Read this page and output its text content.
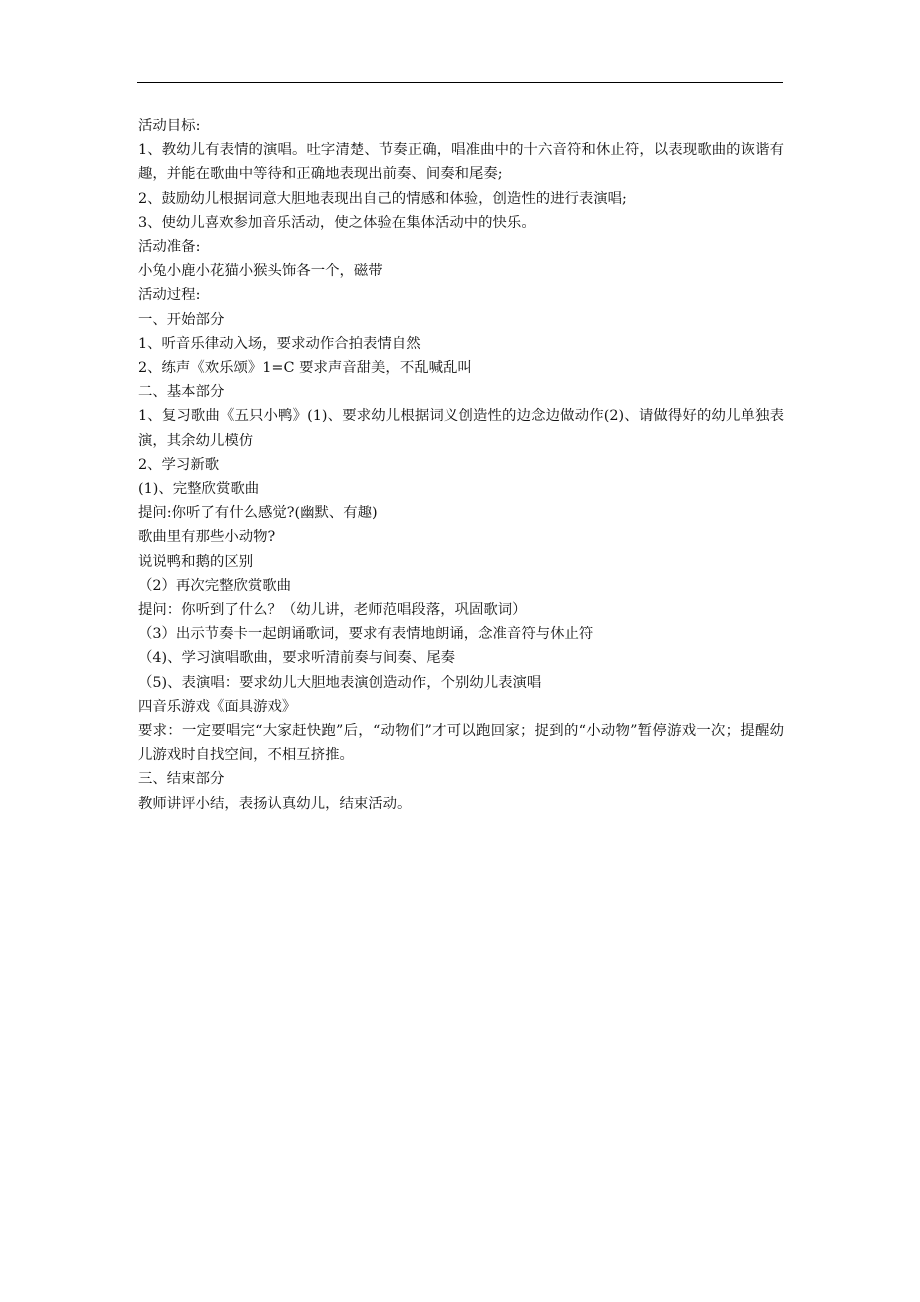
活动目标:
1、教幼儿有表情的演唱。吐字清楚、节奏正确，唱准曲中的十六音符和休止符，以表现歌曲的诙谐有趣，并能在歌曲中等待和正确地表现出前奏、间奏和尾奏;
2、鼓励幼儿根据词意大胆地表现出自己的情感和体验，创造性的进行表演唱;
3、使幼儿喜欢参加音乐活动，使之体验在集体活动中的快乐。
活动准备:
小兔小鹿小花猫小猴头饰各一个，磁带
活动过程:
一、开始部分
1、听音乐律动入场，要求动作合拍表情自然
2、练声《欢乐颂》1=C 要求声音甜美，不乱喊乱叫
二、基本部分
1、复习歌曲《五只小鸭》(1)、要求幼儿根据词义创造性的边念边做动作(2)、请做得好的幼儿单独表演，其余幼儿模仿
2、学习新歌
(1)、完整欣赏歌曲
提问:你听了有什么感觉?(幽默、有趣)
歌曲里有那些小动物?
说说鸭和鹅的区别
（2）再次完整欣赏歌曲
提问：你听到了什么？（幼儿讲，老师范唱段落，巩固歌词）
（3）出示节奏卡一起朗诵歌词，要求有表情地朗诵，念准音符与休止符
（4)、学习演唱歌曲，要求听清前奏与间奏、尾奏
（5)、表演唱：要求幼儿大胆地表演创造动作，个别幼儿表演唱
四音乐游戏《面具游戏》
要求：一定要唱完“大家赶快跑”后，“动物们”才可以跑回家；捉到的“小动物”暂停游戏一次；提醒幼儿游戏时自找空间，不相互挤推。
三、结束部分
教师讲评小结，表扬认真幼儿，结束活动。
